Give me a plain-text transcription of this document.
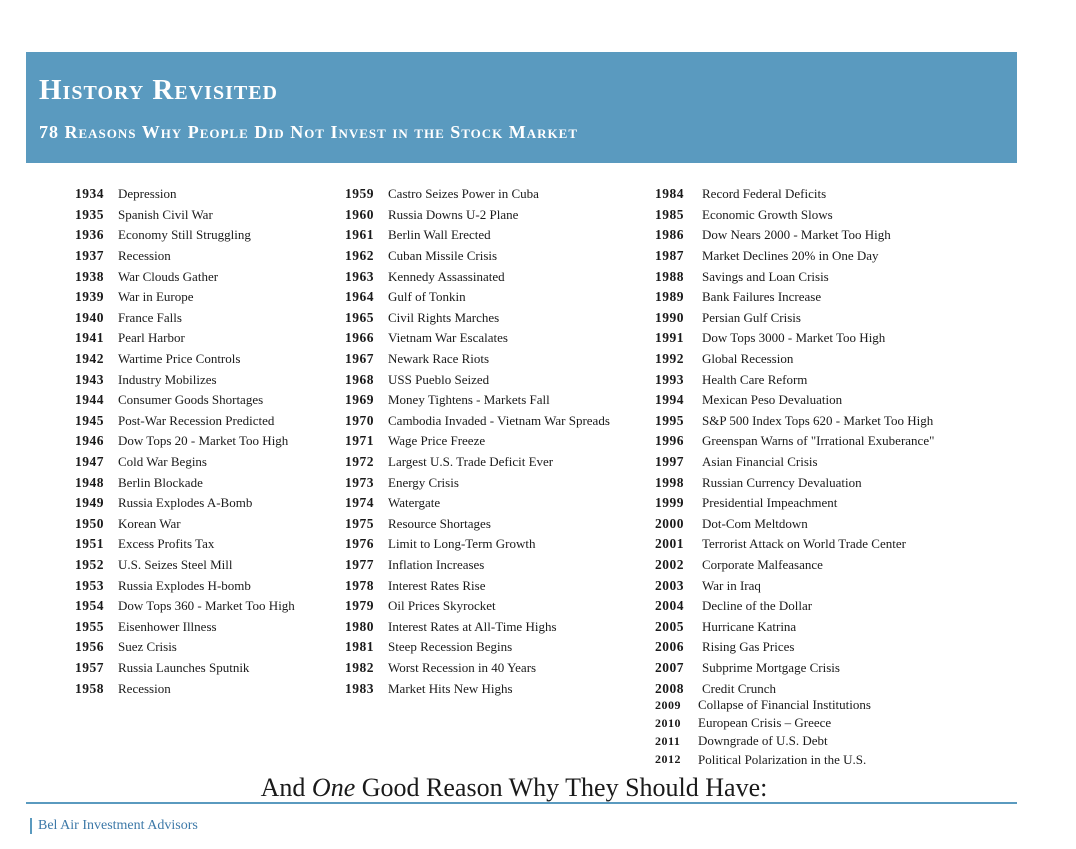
History Revisited
78 Reasons Why People Did Not Invest in the Stock Market
1934	Depression
1935	Spanish Civil War
1936	Economy Still Struggling
1937	Recession
1938	War Clouds Gather
1939	War in Europe
1940	France Falls
1941	Pearl Harbor
1942	Wartime Price Controls
1943	Industry Mobilizes
1944	Consumer Goods Shortages
1945	Post-War Recession Predicted
1946	Dow Tops 20 - Market Too High
1947	Cold War Begins
1948	Berlin Blockade
1949	Russia Explodes A-Bomb
1950	Korean War
1951	Excess Profits Tax
1952	U.S. Seizes Steel Mill
1953	Russia Explodes H-bomb
1954	Dow Tops 360 - Market Too High
1955	Eisenhower Illness
1956	Suez Crisis
1957	Russia Launches Sputnik
1958	Recession
1959	Castro Seizes Power in Cuba
1960	Russia Downs U-2 Plane
1961	Berlin Wall Erected
1962	Cuban Missile Crisis
1963	Kennedy Assassinated
1964	Gulf of Tonkin
1965	Civil Rights Marches
1966	Vietnam War Escalates
1967	Newark Race Riots
1968	USS Pueblo Seized
1969	Money Tightens - Markets Fall
1970	Cambodia Invaded - Vietnam War Spreads
1971	Wage Price Freeze
1972	Largest U.S. Trade Deficit Ever
1973	Energy Crisis
1974	Watergate
1975	Resource Shortages
1976	Limit to Long-Term Growth
1977	Inflation Increases
1978	Interest Rates Rise
1979	Oil Prices Skyrocket
1980	Interest Rates at All-Time Highs
1981	Steep Recession Begins
1982	Worst Recession in 40 Years
1983	Market Hits New Highs
1984	Record Federal Deficits
1985	Economic Growth Slows
1986	Dow Nears 2000 - Market Too High
1987	Market Declines 20% in One Day
1988	Savings and Loan Crisis
1989	Bank Failures Increase
1990	Persian Gulf Crisis
1991	Dow Tops 3000 - Market Too High
1992	Global Recession
1993	Health Care Reform
1994	Mexican Peso Devaluation
1995	S&P 500 Index Tops 620 - Market Too High
1996	Greenspan Warns of "Irrational Exuberance"
1997	Asian Financial Crisis
1998	Russian Currency Devaluation
1999	Presidential Impeachment
2000	Dot-Com Meltdown
2001	Terrorist Attack on World Trade Center
2002	Corporate Malfeasance
2003	War in Iraq
2004	Decline of the Dollar
2005	Hurricane Katrina
2006	Rising Gas Prices
2007	Subprime Mortgage Crisis
2008	Credit Crunch
2009	Collapse of Financial Institutions
2010	European Crisis – Greece
2011	Downgrade of U.S. Debt
2012	Political Polarization in the U.S.

And One Good Reason Why They Should Have:

Bel Air Investment Advisors
